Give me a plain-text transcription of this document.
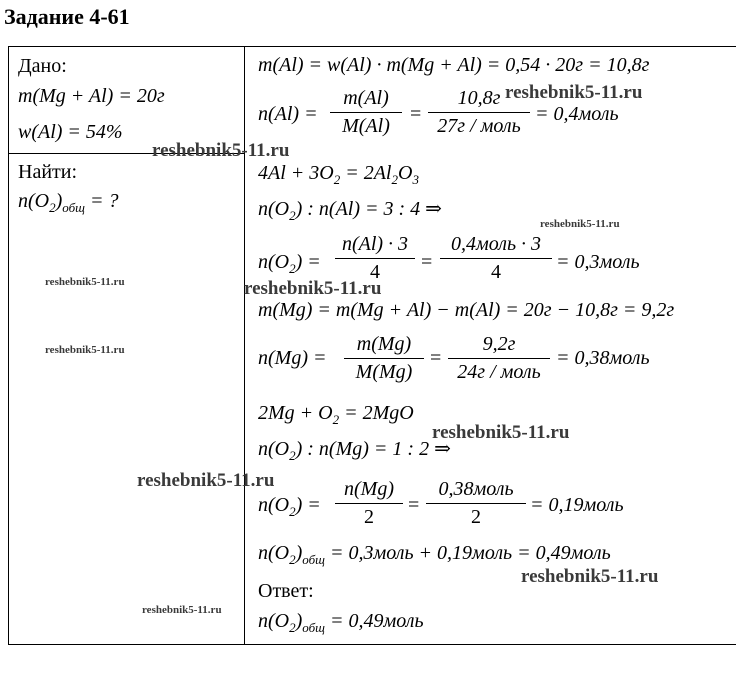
Задание 4-61
Дано:
m(Mg + Al) = 20г
w(Al) = 54%
Найти:
$n(O_2)_{общ}$ = ?
m(Al) = w(Al) · m(Mg + Al) = 0,54 · 20г = 10,8г
n(Al) =
m(Al)
M(Al)
=
10,8г
27г / моль
= 0,4моль
$4Al + 3O_2 = 2Al_2O_3$
$n(O_2)$ : n(Al) = 3 : 4 ⇒
$n(O_2)$ =
n(Al) · 3
4	=
0,4моль · 3
4	= 0,3моль
m(Mg) = m(Mg + Al) − m(Al) = 20г − 10,8г = 9,2г
n(Mg) =
m(Mg)
M(Mg)
=
9,2г
24г / моль
= 0,38моль
$2Mg + O_2 = 2MgO$
$n(O_2)$ : n(Mg) = 1 : 2 ⇒
$n(O_2)$ =
n(Mg)
2
=
0,38моль
2
= 0,19моль
$n(O_2)_{общ}$ = 0,3моль + 0,19моль = 0,49моль
Ответ:
$n(O_2)_{общ}$ = 0,49моль
reshebnik5-11.ru
reshebnik5-11.ru
reshebnik5-11.ru
reshebnik5-11.ru	reshebnik5-11.ru
reshebnik5-11.ru
reshebnik5-11.ru
reshebnik5-11.ru
reshebnik5-11.ru
reshebnik5-11.ru
